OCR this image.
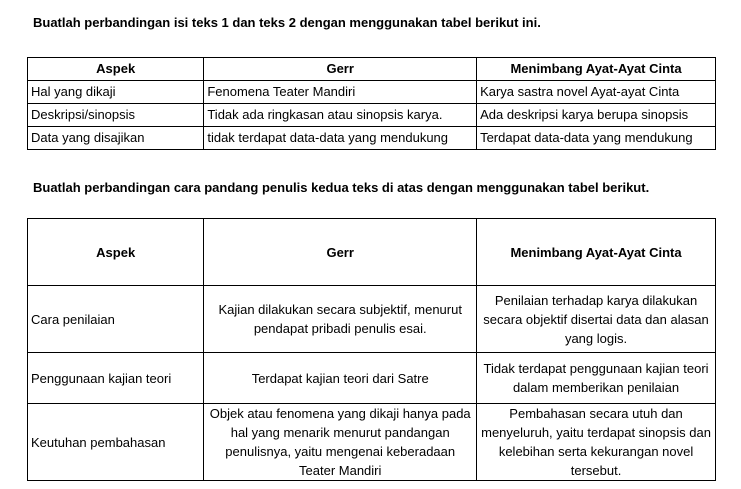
Buatlah perbandingan isi teks 1 dan teks 2 dengan menggunakan tabel berikut ini.
Aspek	Gerr	Menimbang Ayat-Ayat Cinta
Hal yang dikaji	Fenomena Teater Mandiri	Karya sastra novel Ayat-ayat Cinta
Deskripsi/sinopsis	Tidak ada ringkasan atau sinopsis karya.	Ada deskripsi karya berupa sinopsis
Data yang disajikan	tidak terdapat data-data yang mendukung	Terdapat data-data yang mendukung
Buatlah perbandingan cara pandang penulis kedua teks di atas dengan menggunakan tabel berikut.
Aspek	Gerr	Menimbang Ayat-Ayat Cinta
Cara penilaian	Kajian dilakukan secara subjektif, menurut pendapat pribadi penulis esai.	Penilaian terhadap karya dilakukan secara objektif disertai data dan alasan yang logis.
Penggunaan kajian teori	Terdapat kajian teori dari Satre	Tidak terdapat penggunaan kajian teori dalam memberikan penilaian
Keutuhan pembahasan	Objek atau fenomena yang dikaji hanya pada hal yang menarik menurut pandangan penulisnya, yaitu mengenai keberadaan Teater Mandiri	Pembahasan secara utuh dan menyeluruh, yaitu terdapat sinopsis dan kelebihan serta kekurangan novel tersebut.
